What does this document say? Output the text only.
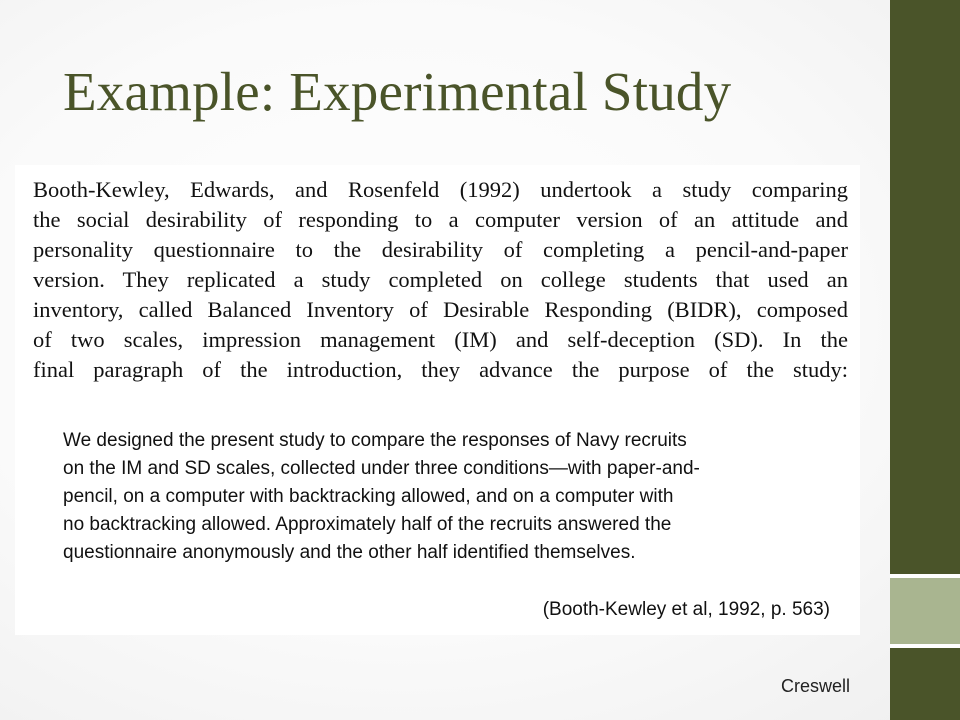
Example: Experimental Study

Booth-Kewley, Edwards, and Rosenfeld (1992) undertook a study comparing
the social desirability of responding to a computer version of an attitude and
personality questionnaire to the desirability of completing a pencil-and-paper
version. They replicated a study completed on college students that used an
inventory, called Balanced Inventory of Desirable Responding (BIDR), composed
of two scales, impression management (IM) and self-deception (SD). In the
final paragraph of the introduction, they advance the purpose of the study:

We designed the present study to compare the responses of Navy recruits
on the IM and SD scales, collected under three conditions—with paper-and-
pencil, on a computer with backtracking allowed, and on a computer with
no backtracking allowed. Approximately half of the recruits answered the
questionnaire anonymously and the other half identified themselves.

(Booth-Kewley et al, 1992, p. 563)

Creswell
